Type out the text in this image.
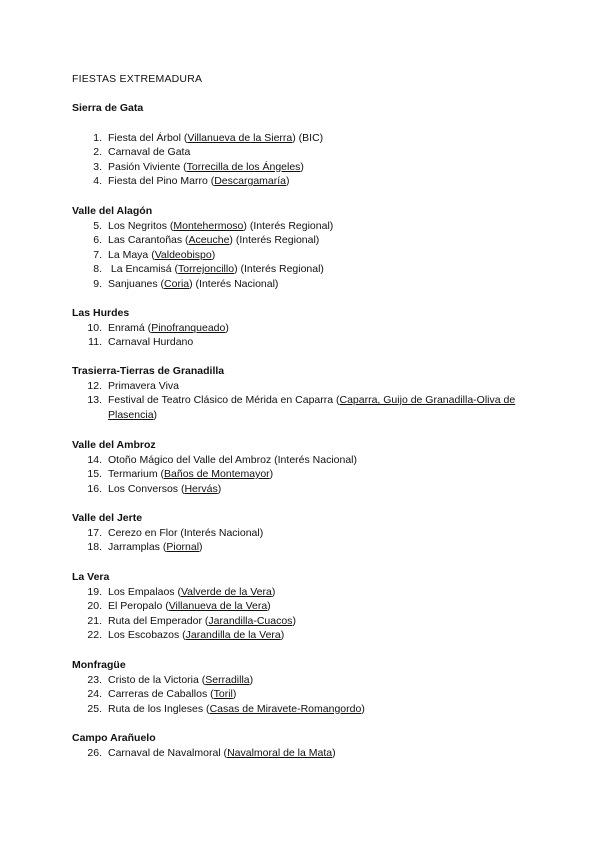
FIESTAS EXTREMADURA
Sierra de Gata
1. Fiesta del Árbol (Villanueva de la Sierra) (BIC)
2. Carnaval de Gata
3. Pasión Viviente (Torrecilla de los Ángeles)
4. Fiesta del Pino Marro (Descargamaría)
Valle del Alagón
5. Los Negritos (Montehermoso) (Interés Regional)
6. Las Carantoñas (Aceuche) (Interés Regional)
7. La Maya (Valdeobispo)
8. La Encamisá (Torrejoncillo) (Interés Regional)
9. Sanjuanes (Coria) (Interés Nacional)
Las Hurdes
10. Enramá (Pinofranqueado)
11. Carnaval Hurdano
Trasierra-Tierras de Granadilla
12. Primavera Viva
13. Festival de Teatro Clásico de Mérida en Caparra (Caparra, Guijo de Granadilla-Oliva de Plasencia)
Valle del Ambroz
14. Otoño Mágico del Valle del Ambroz (Interés Nacional)
15. Termarium (Baños de Montemayor)
16. Los Conversos (Hervás)
Valle del Jerte
17. Cerezo en Flor (Interés Nacional)
18. Jarramplas (Piornal)
La Vera
19. Los Empalaos (Valverde de la Vera)
20. El Peropalo (Villanueva de la Vera)
21. Ruta del Emperador (Jarandilla-Cuacos)
22. Los Escobazos (Jarandilla de la Vera)
Monfragüe
23. Cristo de la Victoria (Serradilla)
24. Carreras de Caballos (Toril)
25. Ruta de los Ingleses (Casas de Miravete-Romangordo)
Campo Arañuelo
26. Carnaval de Navalmoral (Navalmoral de la Mata)
